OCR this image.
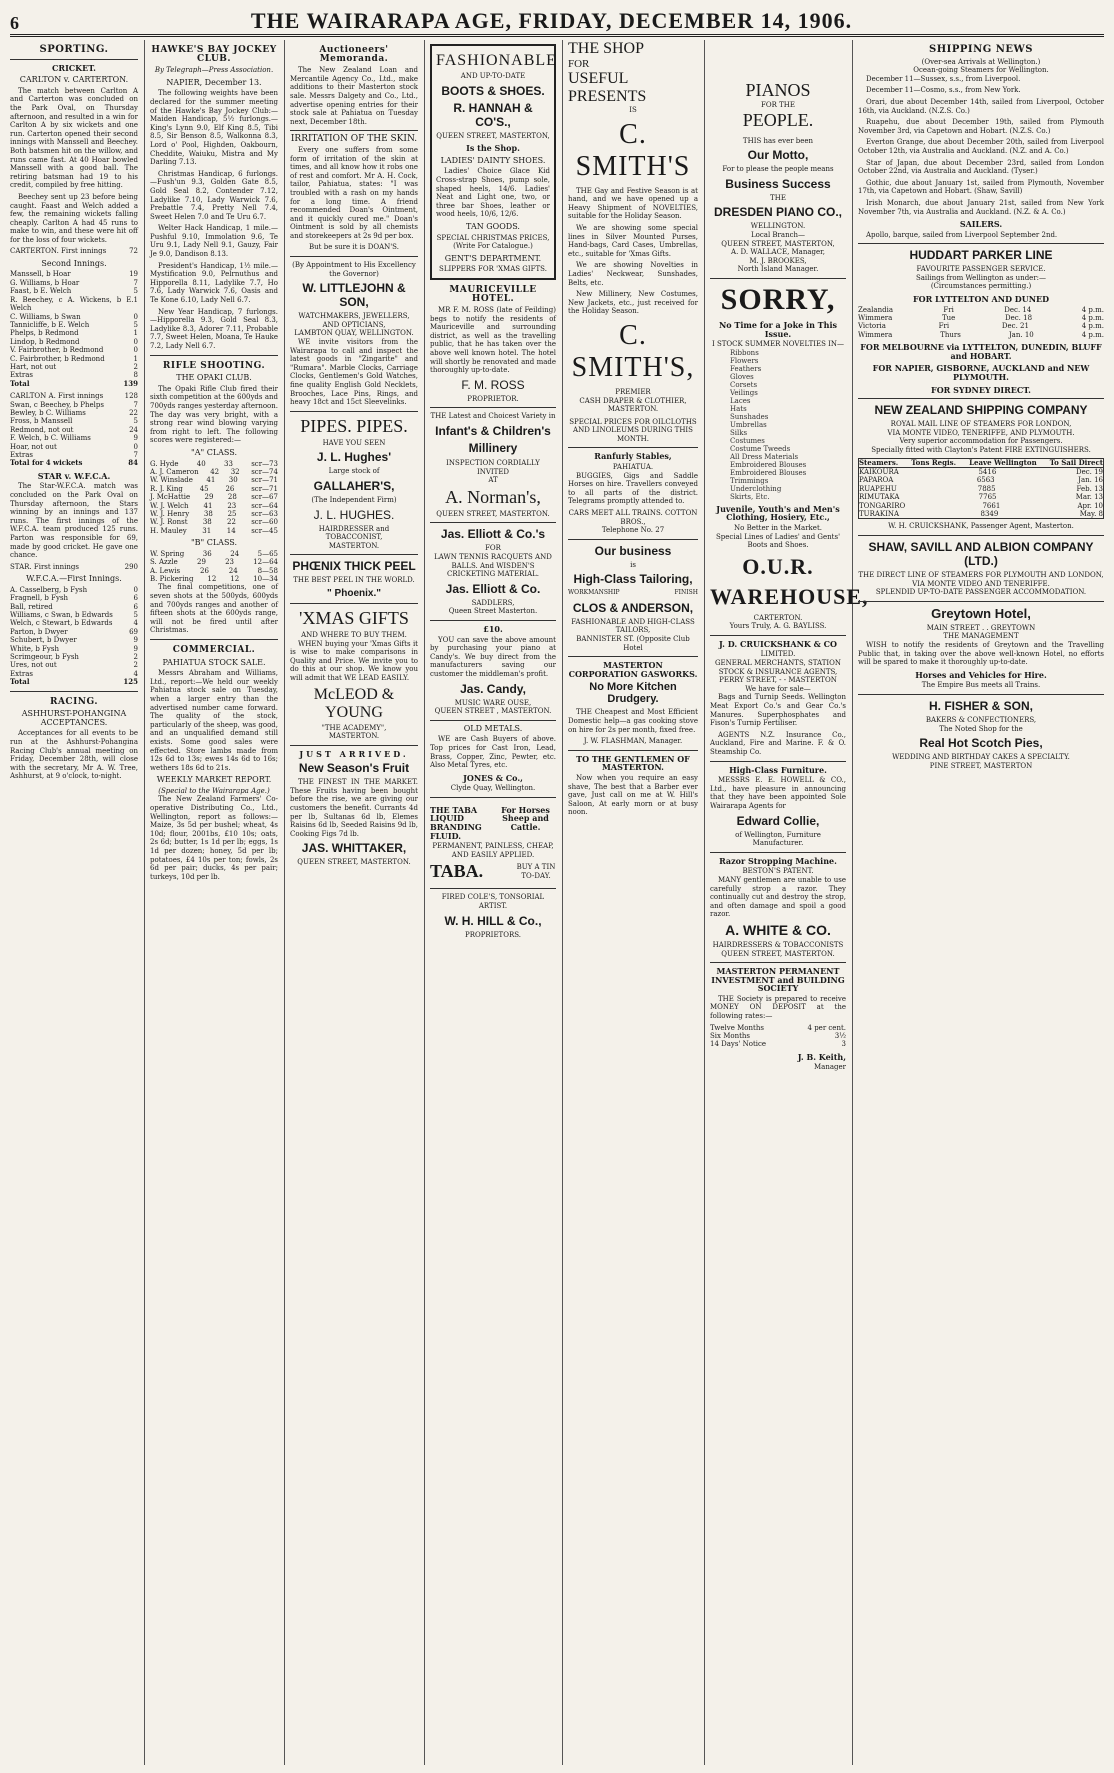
6	THE WAIRARAPA AGE, FRIDAY, DECEMBER 14, 1906.
SPORTING.
CRICKET.
CARLTON v. CARTERTON.

The match between Carlton A and Carterton was concluded on the Park Oval, on Thursday afternoon, and resulted in a win for Carlton A by six wickets and one run. Carterton opened their second innings with Manssell and Beechey. Both batsmen hit on the willow, and runs came fast. At 40 Hoar bowled Manssell with a good ball. The retiring batsman had 19 to his credit, compiled by free hitting.

Beechey sent up 23 before being caught. Faast and Welch added a few, the remaining wickets falling cheaply. Carlton A had 45 runs to make to win, and these were hit off for the loss of four wickets.

CARTERTON. First innings	72
Second Innings.
Manssell, b Hoar	19
G. Williams, b Hoar	7
Faast, b E. Welch	5
R. Beechey, c A. Wickens, b E. Welch
1
C. Williams, b Swan	0
Tannicliffe, b E. Welch	5
Phelps, b Redmond	1
Lindop, b Redmond	0
V. Fairbrother, b Redmond	0
C. Fairbrother, b Redmond	1
Hart, not out	2
Extras	8
Total	139
CARLTON A. First innings	128
Swan, c Beechey, b Phelps	7
Bewley, b C. Williams	22
Fross, b Manssell	5
Redmond, not out	24
F. Welch, b C. Williams	9
Hoar, not out	0
Extras	7
Total for 4 wickets	84
STAR v. W.F.C.A.

The Star-W.F.C.A. match was concluded on the Park Oval on Thursday afternoon, the Stars winning by an innings and 137 runs. The first innings of the W.F.C.A. team produced 125 runs. Parton was responsible for 69, made by good cricket. He gave one chance.

STAR. First innings	290
W.F.C.A.—First Innings.
A. Casselberg, b Fysh	0
Fragnell, b Fysh	6
Ball, retired	6
Williams, c Swan, b Edwards	5
Welch, c Stewart, b Edwards	4
Parton, b Dwyer	69
Schubert, b Dwyer	9
White, b Fysh	9
Scrimgeour, b Fysh	2
Ures, not out	2
Extras	4
Total	125
RACING.
ASHHURST-POHANGINA ACCEPTANCES.

Acceptances for all events to be run at the Ashhurst-Pohangina Racing Club's annual meeting on Friday, December 28th, will close with the secretary, Mr A. W. Tree, Ashhurst, at 9 o'clock, to-night.

HAWKE'S BAY JOCKEY CLUB.
By Telegraph—Press Association.
NAPIER, December 13.

The following weights have been declared for the summer meeting of the Hawke's Bay Jockey Club:— Maiden Handicap, 5½ furlongs.—King's Lynn 9.0, Elf King 8.5, Tibi 8.5, Sir Benson 8.5, Walkonna 8.3, Lord o' Pool, Highden, Oakbourn, Cheddite, Waiuku, Mistra and My Darling 7.13.

Christmas Handicap, 6 furlongs.—Fush'un 9.3, Golden Gate 8.5, Gold Seal 8.2, Contender 7.12, Ladylike 7.10, Lady Warwick 7.6, Prebattle 7.4, Pretty Nell 7.4, Sweet Helen 7.0 and Te Uru 6.7.

Welter Hack Handicap, 1 mile.—Pushful 9.10, Immolation 9.6, Te Uru 9.1, Lady Nell 9.1, Gauzy, Fair Je 9.0, Dandison 8.13.

President's Handicap, 1½ mile.—Mystification 9.0, Pelrnuthus and Hipporella 8.11, Ladylike 7.7, Ho 7.6, Lady Warwick 7.6, Oasis and Te Kone 6.10, Lady Nell 6.7.

New Year Handicap, 7 furlongs.—Hipporella 9.3, Gold Seal 8.3, Ladylike 8.3, Adorer 7.11, Probable 7.7, Sweet Helen, Moana, Te Hauke 7.2, Lady Nell 6.7.

RIFLE SHOOTING.
THE OPAKI CLUB.

The Opaki Rifle Club fired their sixth competition at the 600yds and 700yds ranges yesterday afternoon. The day was very bright, with a strong rear wind blowing varying from right to left. The following scores were registered:—

"A" CLASS.
G. Hyde	40	33	scr—73
A. J. Cameron 42 32 scr—74
W. Winslade 41 30 scr—71
R. J. King 45 26 scr—71
J. McHattie 29 28 scr—67
W. J. Welch 41 23 scr—64
W. J. Henry 38 25 scr—63
W. J. Ronst 38 22 scr—60
H. Mauley 31 14 scr—45
"B" CLASS.
W. Spring	36	24	5—65
S. Azzle	29	23	12—64
A. Lewis	26	24	8—58
B. Pickering 12 12 10—34

The final competitions, one of seven shots at the 500yds, 600yds and 700yds ranges and another of fifteen shots at the 600yds range, will not be fired until after Christmas.

COMMERCIAL.
PAHIATUA STOCK SALE.

Messrs Abraham and Williams, Ltd., report:—We held our weekly Pahiatua stock sale on Tuesday, when a larger entry than the advertised number came forward. The quality of the stock, particularly of the sheep, was good, and an unqualified demand still exists. Some good sales were effected. Store lambs made from 12s 6d to 13s; ewes 14s 6d to 16s; wethers 18s 6d to 21s.

WEEKLY MARKET REPORT.
(Special to the Wairarapa Age.)

The New Zealand Farmers' Co-operative Distributing Co., Ltd., Wellington, report as follows:— Maize, 3s 5d per bushel; wheat, 4s 10d; flour, 2001bs, £10 10s; oats, 2s 6d; butter, 1s 1d per lb; eggs, 1s 1d per dozen; honey, 5d per lb; potatoes, £4 10s per ton; fowls, 2s 6d per pair; ducks, 4s per pair; turkeys, 10d per lb.

Auctioneers' Memoranda.

The New Zealand Loan and Mercantile Agency Co., Ltd., make additions to their Masterton stock sale. Messrs Dalgety and Co., Ltd., advertise opening entries for their stock sale at Pahiatua on Tuesday next, December 18th.

IRRITATION OF THE SKIN.

Every one suffers from some form of irritation of the skin at times, and all know how it robs one of rest and comfort. Mr A. H. Cock, tailor, Pahiatua, states: "I was troubled with a rash on my hands for a long time. A friend recommended Doan's Ointment, and it quickly cured me." Doan's Ointment is sold by all chemists and storekeepers at 2s 9d per box.

But be sure it is DOAN'S.
(By Appointment to His Excellency the Governor)
W. LITTLEJOHN & SON,
WATCHMAKERS, JEWELLERS, AND OPTICIANS,
LAMBTON QUAY, WELLINGTON.

WE invite visitors from the Wairarapa to call and inspect the latest goods in "Zingarite" and "Rumara". Marble Clocks, Carriage Clocks, Gentlemen's Gold Watches, fine quality English Gold Necklets, Brooches, Lace Pins, Rings, and heavy 18ct and 15ct Sleevelinks.

PIPES. PIPES.
HAVE YOU SEEN
J. L. Hughes'
Large stock of
GALLAHER'S,
(The Independent Firm)
J. L. HUGHES.
HAIRDRESSER and TOBACCONIST,
MASTERTON.
PHŒNIX THICK PEEL
THE BEST PEEL IN THE WORLD.
" Phoenix."
'XMAS GIFTS
AND WHERE TO BUY THEM.

WHEN buying your 'Xmas Gifts it is wise to make comparisons in Quality and Price. We invite you to do this at our shop. We know you will admit that WE LEAD EASILY.

McLEOD & YOUNG
"THE ACADEMY",
MASTERTON.
JUST ARRIVED.
New Season's Fruit

THE FINEST IN THE MARKET. These Fruits having been bought before the rise, we are giving our customers the benefit. Currants 4d per lb, Sultanas 6d lb, Elemes Raisins 6d lb, Seeded Raisins 9d lb, Cooking Figs 7d lb.

JAS. WHITTAKER,
QUEEN STREET, MASTERTON.
FASHIONABLE
AND UP-TO-DATE
BOOTS & SHOES.
R. HANNAH & CO'S.,
QUEEN STREET, MASTERTON,
Is the Shop.
LADIES' DAINTY SHOES.

Ladies' Choice Glace Kid Cross-strap Shoes, pump sole, shaped heels, 14/6. Ladies' Neat and Light one, two, or three bar Shoes, leather or wood heels, 10/6, 12/6.

TAN GOODS.
SPECIAL CHRISTMAS PRICES, (Write For Catalogue.)
GENT'S DEPARTMENT.
SLIPPERS FOR 'XMAS GIFTS.
MAURICEVILLE HOTEL.

MR F. M. ROSS (late of Feilding) begs to notify the residents of Mauriceville and surrounding district, as well as the travelling public, that he has taken over the above well known hotel. The hotel will shortly be renovated and made thoroughly up-to-date.

F. M. ROSS
PROPRIETOR.
THE Latest and Choicest Variety in
Infant's & Children's
Millinery
INSPECTION CORDIALLY INVITED
AT
A. Norman's,
QUEEN STREET, MASTERTON.
Jas. Elliott & Co.'s
FOR
LAWN TENNIS RACQUETS AND BALLS. And WISDEN'S CRICKETING MATERIAL.
Jas. Elliott & Co.
SADDLERS,
Queen Street Masterton.
£10.

YOU can save the above amount by purchasing your piano at Candy's. We buy direct from the manufacturers saving our customer the middleman's profit.

Jas. Candy,
MUSIC WARE OUSE,
QUEEN STREET , MASTERTON.
OLD METALS.

WE are Cash Buyers of above. Top prices for Cast Iron, Lead, Brass, Copper, Zinc, Pewter, etc. Also Metal Tyres, etc.

JONES & Co.,
Clyde Quay, Wellington.
THE TABA LIQUID BRANDING FLUID.
For Horses Sheep and Cattle.
PERMANENT, PAINLESS, CHEAP, AND EASILY APPLIED.
TABA.	BUY A TIN TO-DAY.
FIRED COLE'S, TONSORIAL ARTIST.
W. H. HILL & Co.,
PROPRIETORS.
THE SHOP
FOR
USEFUL
PRESENTS
IS
C. SMITH'S

THE Gay and Festive Season is at hand, and we have opened up a Heavy Shipment of NOVELTIES, suitable for the Holiday Season.

We are showing some special lines in Silver Mounted Purses, Hand-bags, Card Cases, Umbrellas, etc., suitable for 'Xmas Gifts.

We are showing Novelties in Ladies' Neckwear, Sunshades, Belts, etc.

New Millinery, New Costumes, New Jackets, etc., just received for the Holiday Season.

C. SMITH'S,
PREMIER
CASH DRAPER & CLOTHIER,
MASTERTON.
SPECIAL PRICES FOR OILCLOTHS AND LINOLEUMS DURING THIS MONTH.
Ranfurly Stables,
PAHIATUA.

BUGGIES, Gigs and Saddle Horses on hire. Travellers conveyed to all parts of the district. Telegrams promptly attended to.

CARS MEET ALL TRAINS. COTTON BROS.,
Telephone No. 27
Our business
is
High-Class Tailoring,
WORKMANSHIP	FINISH
CLOS & ANDERSON,
FASHIONABLE AND HIGH-CLASS TAILORS,
BANNISTER ST. (Opposite Club Hotel
MASTERTON CORPORATION GASWORKS.
No More Kitchen Drudgery.

THE Cheapest and Most Efficient Domestic help—a gas cooking stove on hire for 2s per month, fixed free.

J. W. FLASHMAN, Manager.
TO THE GENTLEMEN OF MASTERTON.

Now when you require an easy shave, The best that a Barber ever gave, Just call on me at W. Hill's Saloon, At early morn or at busy noon.

PIANOS
FOR THE
PEOPLE.
THIS has ever been
Our Motto,
For to please the people means
Business Success
THE
DRESDEN PIANO CO.,
WELLINGTON.
Local Branch—
QUEEN STREET, MASTERTON,
A. D. WALLACE, Manager,
M. J. BROOKES,
North Island Manager.
SORRY,
No Time for a Joke in This Issue.
I STOCK SUMMER NOVELTIES IN—
Ribbons
Flowers
Feathers
Gloves
Corsets
Veilings
Laces
Hats
Sunshades
Umbrellas
Silks
Costumes
Costume Tweeds
All Dress Materials
Embroidered Blouses
Embroidered Blouses
Trimmings
Underclothing
Skirts, Etc.
Juvenile, Youth's and Men's Clothing, Hosiery, Etc.,
No Better in the Market.
Special Lines of Ladies' and Gents' Boots and Shoes.
O.U.R.
WAREHOUSE,
CARTERTON.
Yours Truly, A. G. BAYLISS.
J. D. CRUICKSHANK & CO
LIMITED.
GENERAL MERCHANTS, STATION STOCK & INSURANCE AGENTS,
PERRY STREET, - - MASTERTON
We have for sale—

Bags and Turnip Seeds. Wellington Meat Export Co.'s and Gear Co.'s Manures. Superphosphates and Fison's Turnip Fertiliser.

AGENTS N.Z. Insurance Co., Auckland, Fire and Marine. F. & O. Steamship Co.

High-Class Furniture.

MESSRS E. E. HOWELL & CO., Ltd., have pleasure in announcing that they have been appointed Sole Wairarapa Agents for

Edward Collie,
of Wellington, Furniture Manufacturer.
Razor Stropping Machine.
BESTON'S PATENT.

MANY gentlemen are unable to use carefully strop a razor. They continually cut and destroy the strop, and often damage and spoil a good razor.

A. WHITE & CO.
HAIRDRESSERS & TOBACCONISTS
QUEEN STREET, MASTERTON.
MASTERTON PERMANENT INVESTMENT and BUILDING SOCIETY

THE Society is prepared to receive MONEY ON DEPOSIT at the following rates:—

Twelve Months	4 per cent.
Six Months	3½
14 Days' Notice	3
J. B. Keith,
Manager
SHIPPING NEWS
(Over-sea Arrivals at Wellington.)
Ocean-going Steamers for Wellington.

December 11—Sussex, s.s., from Liverpool.

December 11—Cosmo, s.s., from New York.

Orari, due about December 14th, sailed from Liverpool, October 16th, via Auckland. (N.Z.S. Co.)

Ruapehu, due about December 19th, sailed from Plymouth November 3rd, via Capetown and Hobart. (N.Z.S. Co.)

Everton Grange, due about December 20th, sailed from Liverpool October 12th, via Australia and Auckland. (N.Z. and A. Co.)

Star of Japan, due about December 23rd, sailed from London October 22nd, via Australia and Auckland. (Tyser.)

Gothic, due about January 1st, sailed from Plymouth, November 17th, via Capetown and Hobart. (Shaw, Savill)

Irish Monarch, due about January 21st, sailed from New York November 7th, via Australia and Auckland. (N.Z. & A. Co.)

SAILERS.

Apollo, barque, sailed from Liverpool September 2nd.

HUDDART PARKER LINE
FAVOURITE PASSENGER SERVICE.
Sailings from Wellington as under:—
(Circumstances permitting.)
FOR LYTTELTON AND DUNED
Zealandia	Fri	Dec. 14	4 p.m.
Wimmera	Tue	Dec. 18	4 p.m.
Victoria	Fri	Dec. 21	4 p.m.
Wimmera	Thurs	Jan. 10	4 p.m.
FOR MELBOURNE via LYTTELTON, DUNEDIN, BLUFF and HOBART.
FOR NAPIER, GISBORNE, AUCKLAND and NEW PLYMOUTH.
FOR SYDNEY DIRECT.
NEW ZEALAND SHIPPING COMPANY
ROYAL MAIL LINE OF STEAMERS FOR LONDON,
VIA MONTE VIDEO, TENERIFFE, AND PLYMOUTH.
Very superior accommodation for Passengers.
Specially fitted with Clayton's Patent FIRE EXTINGUISHERS.
Steamers. Tons Regis. Leave Wellington To Sail Direct
KAIKOURA	5416	Dec. 19
PAPAROA	6563	Jan. 16
RUAPEHU	7885	Feb. 13
RIMUTAKA	7765	Mar. 13
TONGARIRO	7661	Apr. 10
TURAKINA	8349	May. 8
W. H. CRUICKSHANK, Passenger Agent, Masterton.
SHAW, SAVILL AND ALBION COMPANY (LTD.)
THE DIRECT LINE OF STEAMERS FOR PLYMOUTH AND LONDON, VIA MONTE VIDEO AND TENERIFFE.
SPLENDID UP-TO-DATE PASSENGER ACCOMMODATION.
Greytown Hotel,
MAIN STREET . . GREYTOWN
THE MANAGEMENT

WISH to notify the residents of Greytown and the Travelling Public that, in taking over the above well-known Hotel, no efforts will be spared to make it thoroughly up-to-date.

Horses and Vehicles for Hire.
The Empire Bus meets all Trains.
H. FISHER & SON,
BAKERS & CONFECTIONERS,
The Noted Shop for the
Real Hot Scotch Pies,
WEDDING AND BIRTHDAY CAKES A SPECIALTY.
PINE STREET, MASTERTON
